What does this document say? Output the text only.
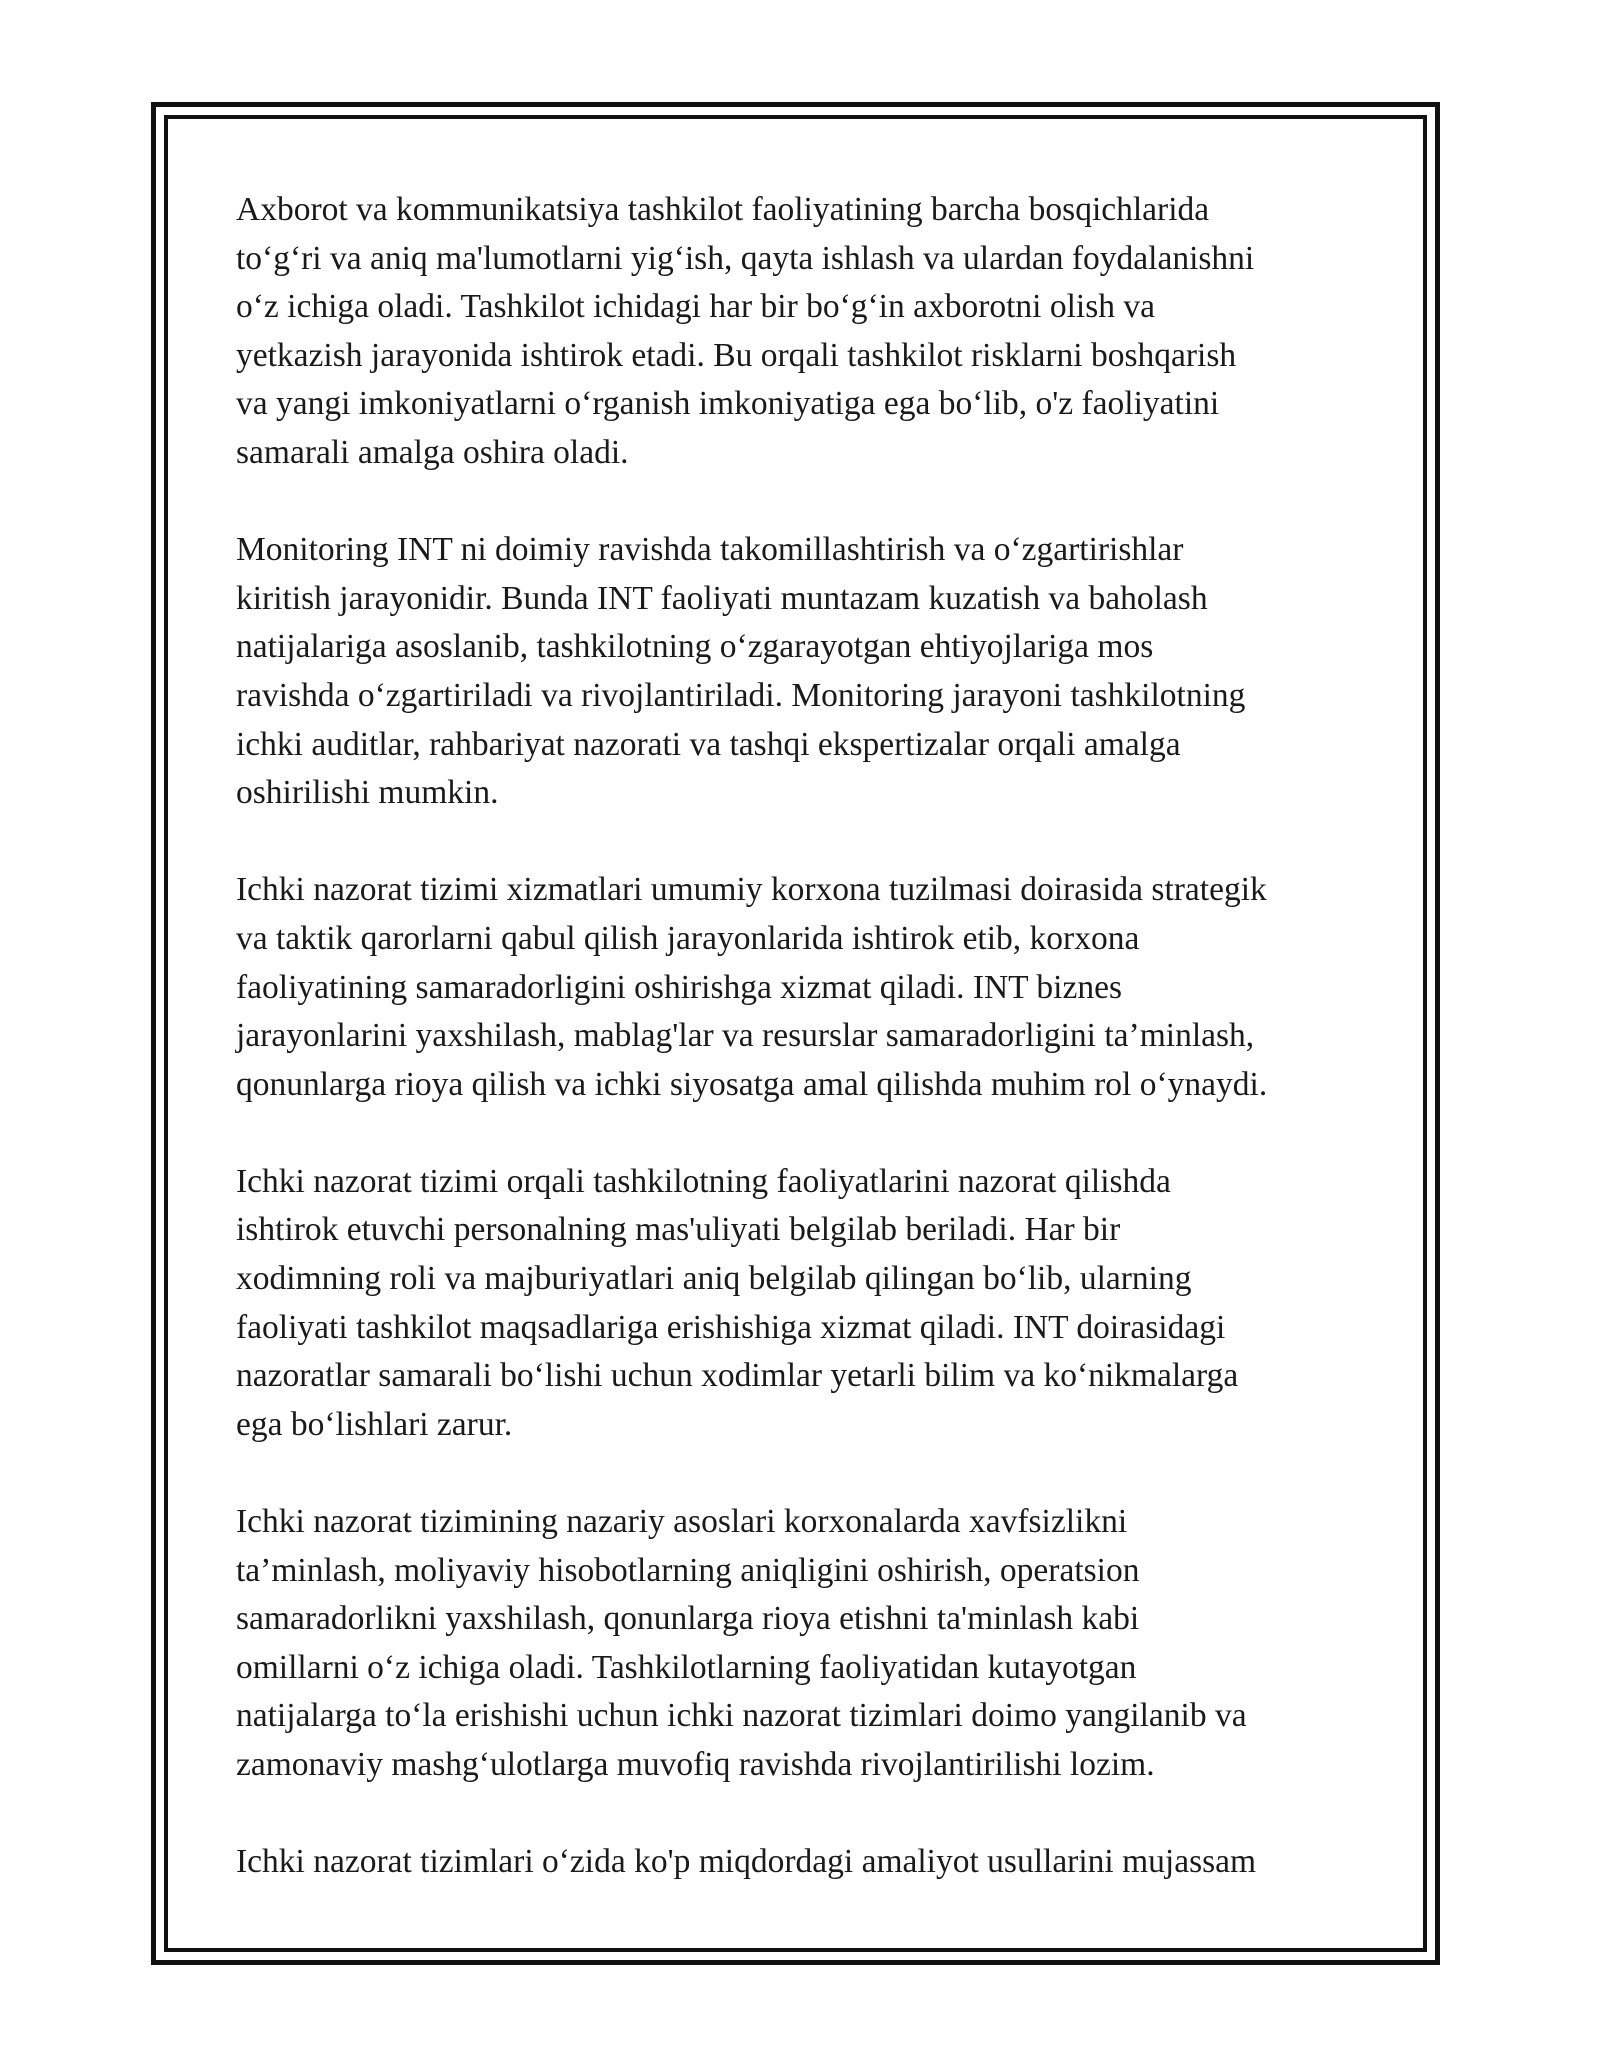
Axborot va kommunikatsiya tashkilot faoliyatining barcha bosqichlarida
to‘g‘ri va aniq ma'lumotlarni yig‘ish, qayta ishlash va ulardan foydalanishni
o‘z ichiga oladi. Tashkilot ichidagi har bir bo‘g‘in axborotni olish va
yetkazish jarayonida ishtirok etadi. Bu orqali tashkilot risklarni boshqarish
va yangi imkoniyatlarni o‘rganish imkoniyatiga ega bo‘lib, o'z faoliyatini
samarali amalga oshira oladi.

Monitoring INT ni doimiy ravishda takomillashtirish va o‘zgartirishlar
kiritish jarayonidir. Bunda INT faoliyati muntazam kuzatish va baholash
natijalariga asoslanib, tashkilotning o‘zgarayotgan ehtiyojlariga mos
ravishda o‘zgartiriladi va rivojlantiriladi. Monitoring jarayoni tashkilotning
ichki auditlar, rahbariyat nazorati va tashqi ekspertizalar orqali amalga
oshirilishi mumkin.

Ichki nazorat tizimi xizmatlari umumiy korxona tuzilmasi doirasida strategik
va taktik qarorlarni qabul qilish jarayonlarida ishtirok etib, korxona
faoliyatining samaradorligini oshirishga xizmat qiladi. INT biznes
jarayonlarini yaxshilash, mablag'lar va resurslar samaradorligini ta’minlash,
qonunlarga rioya qilish va ichki siyosatga amal qilishda muhim rol o‘ynaydi.

Ichki nazorat tizimi orqali tashkilotning faoliyatlarini nazorat qilishda
ishtirok etuvchi personalning mas'uliyati belgilab beriladi. Har bir
xodimning roli va majburiyatlari aniq belgilab qilingan bo‘lib, ularning
faoliyati tashkilot maqsadlariga erishishiga xizmat qiladi. INT doirasidagi
nazoratlar samarali bo‘lishi uchun xodimlar yetarli bilim va ko‘nikmalarga
ega bo‘lishlari zarur.

Ichki nazorat tizimining nazariy asoslari korxonalarda xavfsizlikni
ta’minlash, moliyaviy hisobotlarning aniqligini oshirish, operatsion
samaradorlikni yaxshilash, qonunlarga rioya etishni ta'minlash kabi
omillarni o‘z ichiga oladi. Tashkilotlarning faoliyatidan kutayotgan
natijalarga to‘la erishishi uchun ichki nazorat tizimlari doimo yangilanib va
zamonaviy mashg‘ulotlarga muvofiq ravishda rivojlantirilishi lozim.

Ichki nazorat tizimlari o‘zida ko'p miqdordagi amaliyot usullarini mujassam
